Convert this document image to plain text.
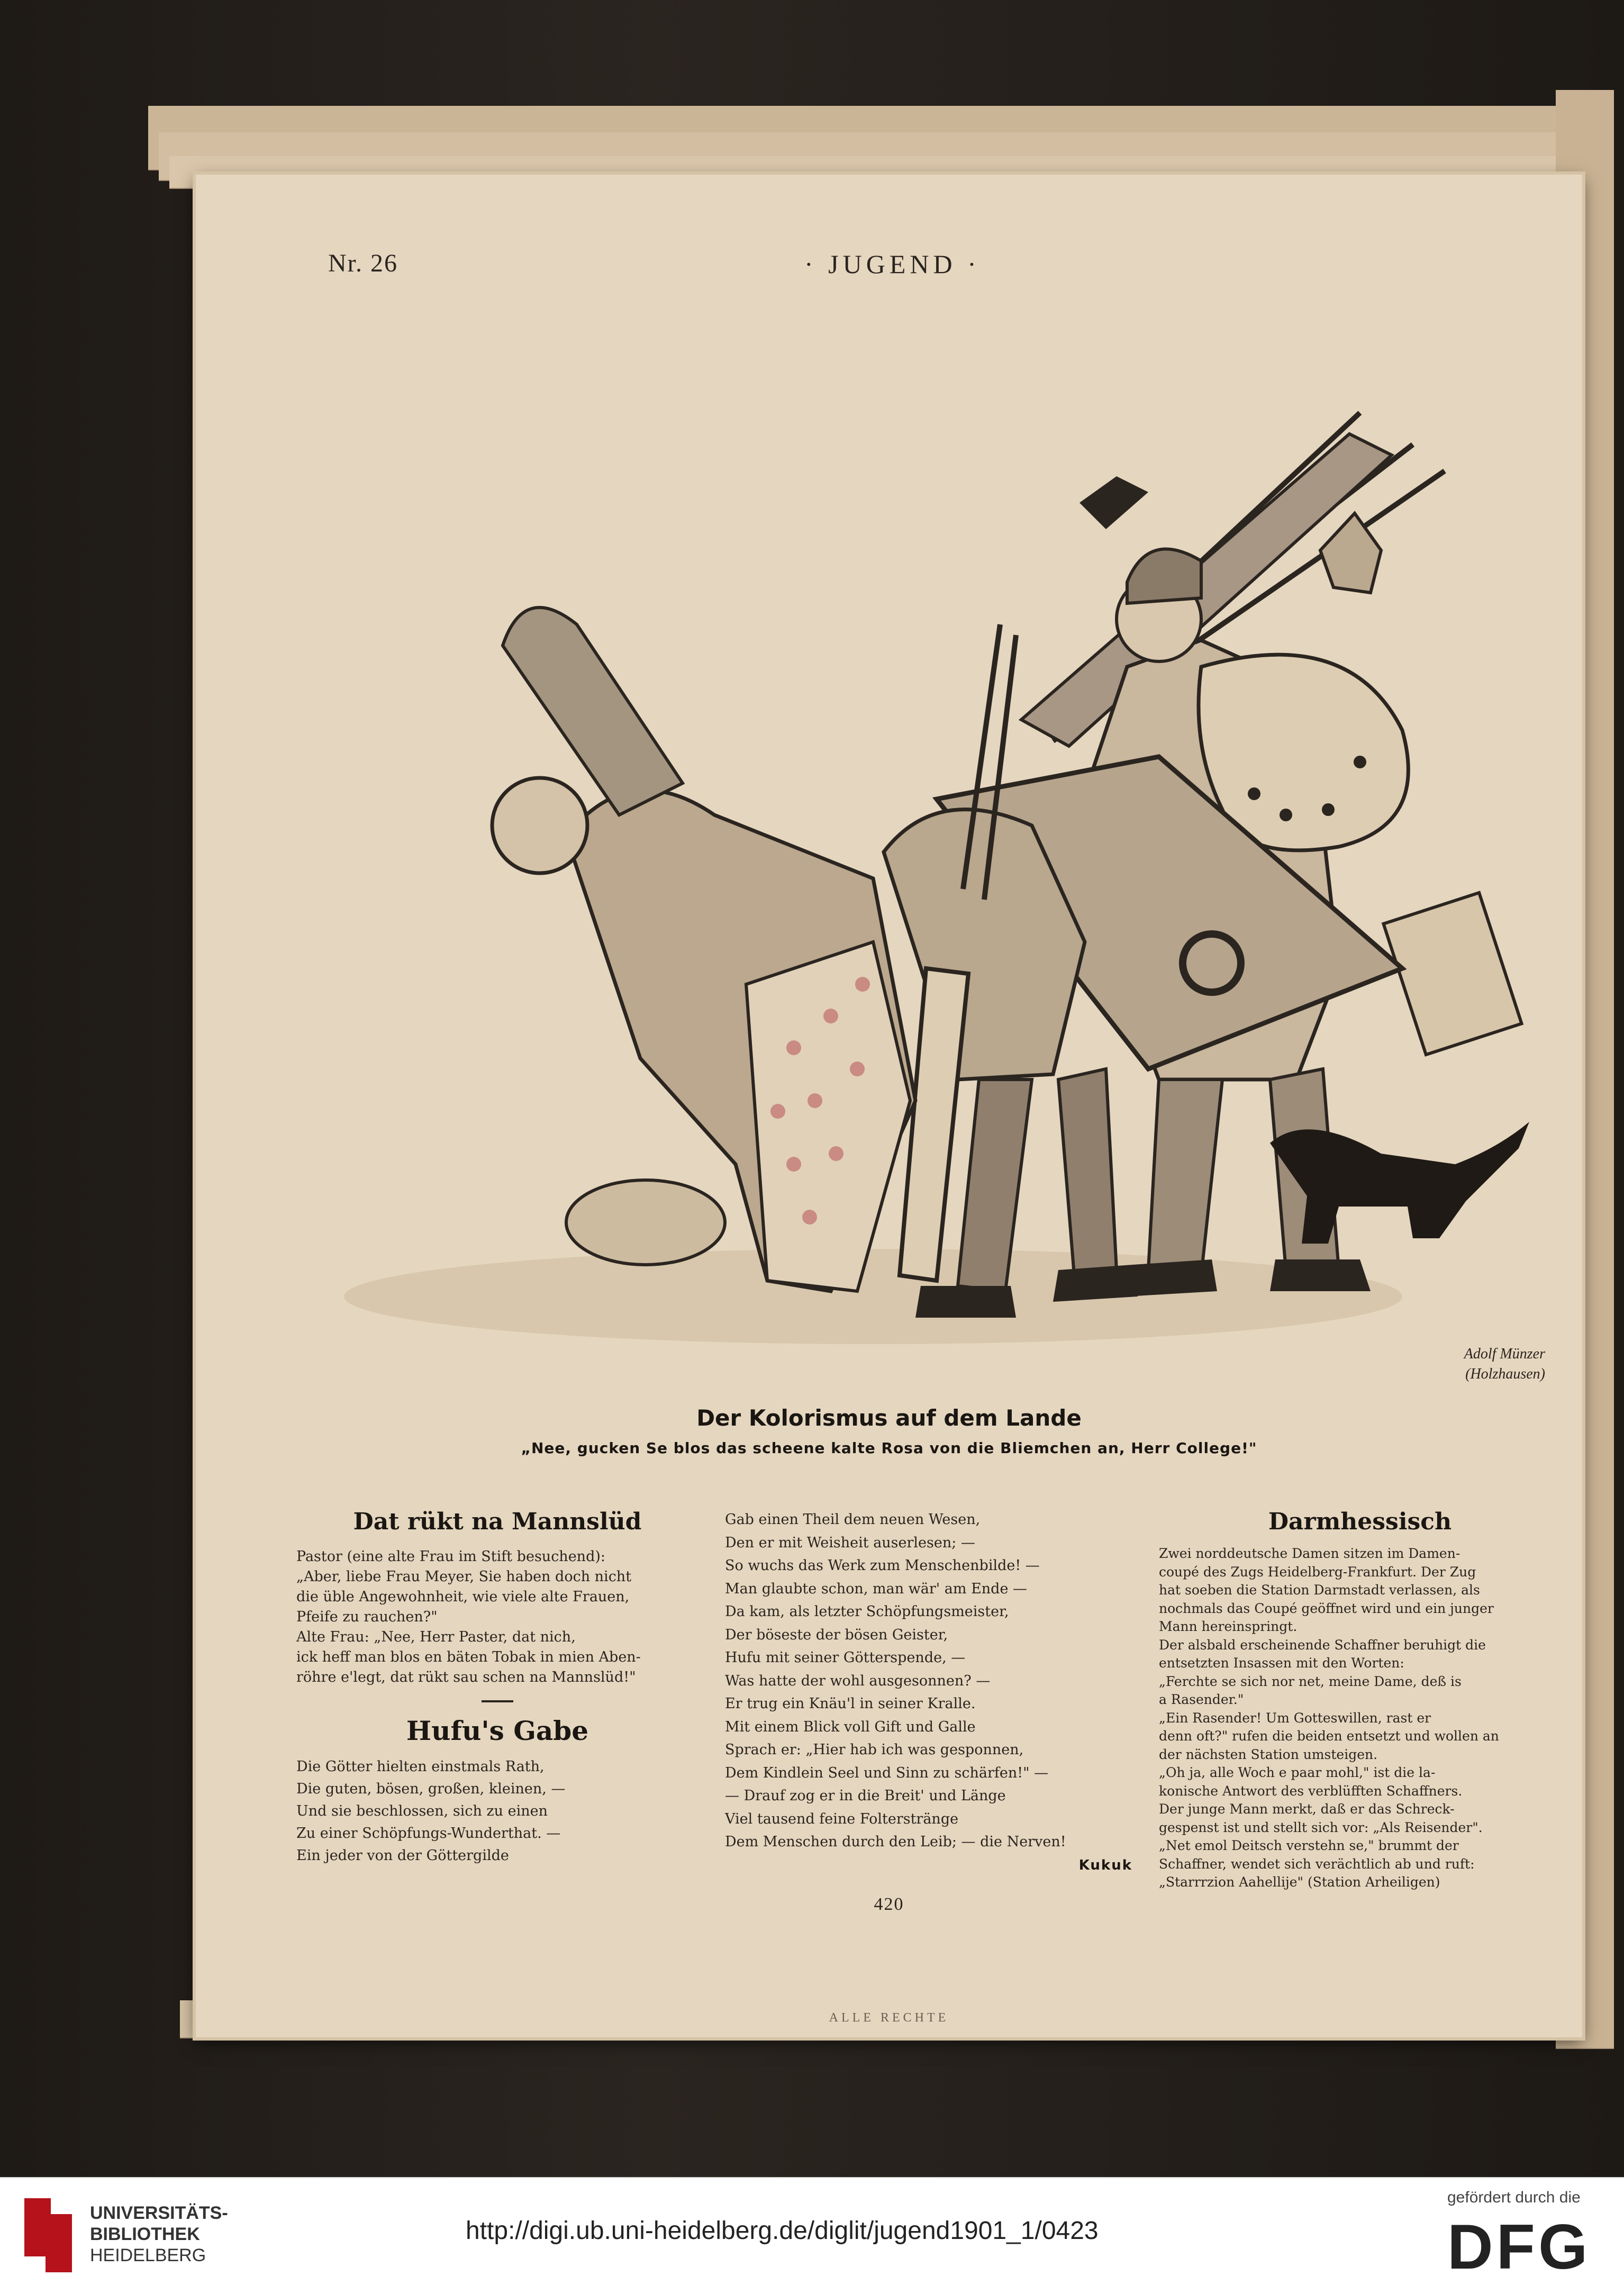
Nr. 26	· JUGEND ·
Adolf Münzer
(Holzhausen)
Der Kolorismus auf dem Lande
„Nee, gucken Se blos das scheene kalte Rosa von die Bliemchen an, Herr College!"
Dat rükt na Mannslüd

Pastor (eine alte Frau im Stift besuchend):

„Aber, liebe Frau Meyer, Sie haben doch nicht

die üble Angewohnheit, wie viele alte Frauen,

Pfeife zu rauchen?"

Alte Frau: „Nee, Herr Paster, dat nich,

ick heff man blos en bäten Tobak in mien Aben-

röhre e'legt, dat rükt sau schen na Mannslüd!"

Hufu's Gabe

Die Götter hielten einstmals Rath,

Die guten, bösen, großen, kleinen, —

Und sie beschlossen, sich zu einen

Zu einer Schöpfungs-Wunderthat. —

Ein jeder von der Göttergilde

Gab einen Theil dem neuen Wesen,

Den er mit Weisheit auserlesen; —

So wuchs das Werk zum Menschenbilde! —

Man glaubte schon, man wär' am Ende —

Da kam, als letzter Schöpfungsmeister,

Der böseste der bösen Geister,

Hufu mit seiner Götterspende, —

Was hatte der wohl ausgesonnen? —

Er trug ein Knäu'l in seiner Kralle.

Mit einem Blick voll Gift und Galle

Sprach er: „Hier hab ich was gesponnen,

Dem Kindlein Seel und Sinn zu schärfen!" —

— Drauf zog er in die Breit' und Länge

Viel tausend feine Folterstränge

Dem Menschen durch den Leib; — die Nerven!

Kukuk
Darmhessisch

Zwei norddeutsche Damen sitzen im Damen-

coupé des Zugs Heidelberg-Frankfurt. Der Zug

hat soeben die Station Darmstadt verlassen, als

nochmals das Coupé geöffnet wird und ein junger

Mann hereinspringt.

Der alsbald erscheinende Schaffner beruhigt die

entsetzten Insassen mit den Worten:

„Ferchte se sich nor net, meine Dame, deß is

a Rasender."

„Ein Rasender! Um Gotteswillen, rast er

denn oft?" rufen die beiden entsetzt und wollen an

der nächsten Station umsteigen.

„Oh ja, alle Woch e paar mohl," ist die la-

konische Antwort des verblüfften Schaffners.

Der junge Mann merkt, daß er das Schreck-

gespenst ist und stellt sich vor: „Als Reisender".

„Net emol Deitsch verstehn se," brummt der

Schaffner, wendet sich verächtlich ab und ruft:

„Starrrzion Aahellije" (Station Arheiligen)

420
ALLE RECHTE
UNIVERSITÄTS-
BIBLIOTHEK
HEIDELBERG
http://digi.ub.uni-heidelberg.de/diglit/jugend1901_1/0423
gefördert durch die
DFG
